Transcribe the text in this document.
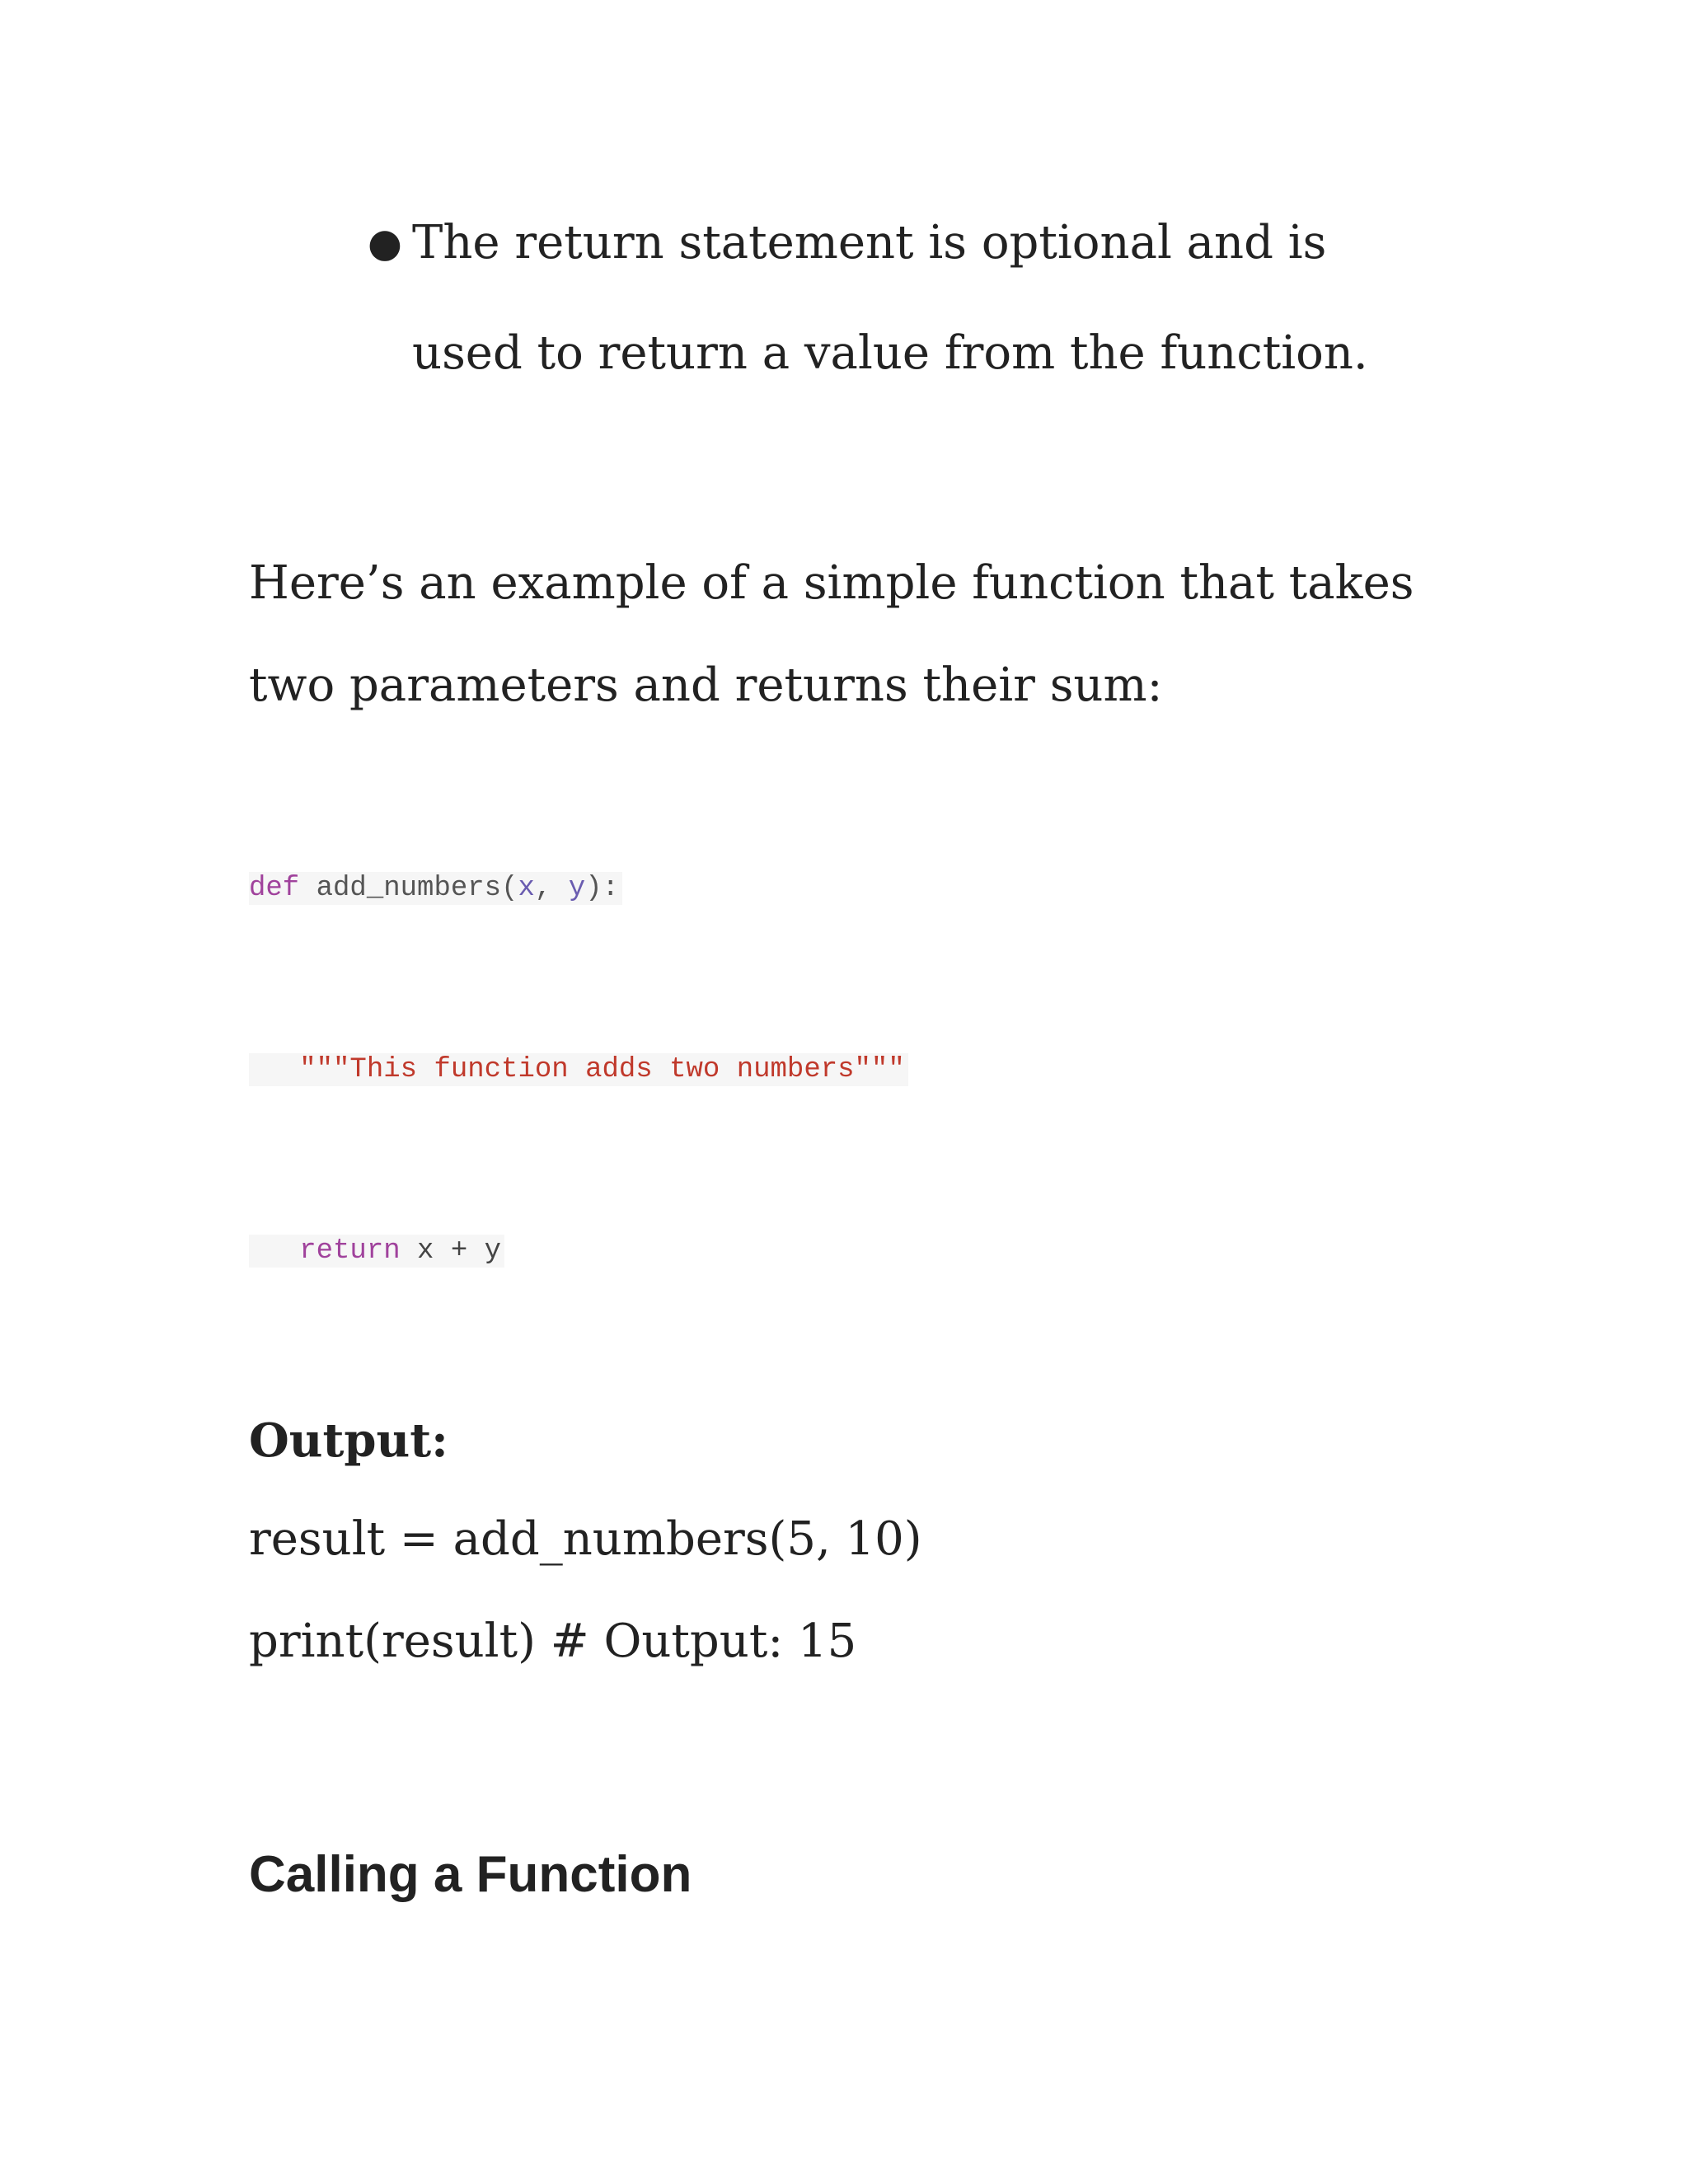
● The return statement is optional and is used to return a value from the function.
Here’s an example of a simple function that takes two parameters and returns their sum:
def add_numbers(x, y):
"""This function adds two numbers"""
return x + y
Output:
result = add_numbers(5, 10)
print(result) # Output: 15
Calling a Function
